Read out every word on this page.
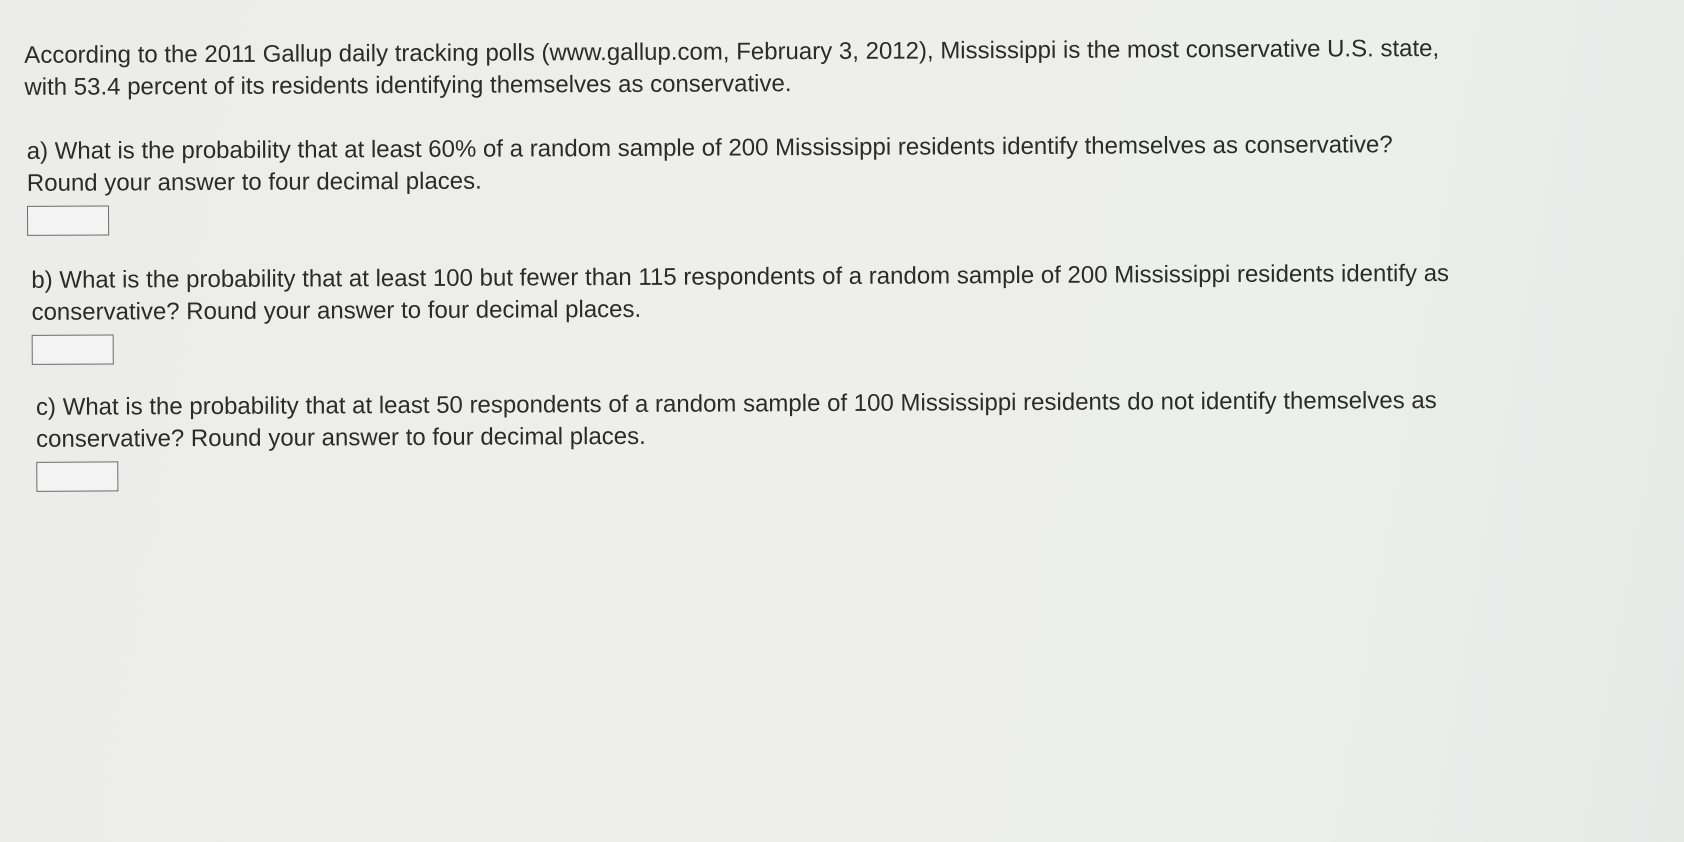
According to the 2011 Gallup daily tracking polls (www.gallup.com, February 3, 2012), Mississippi is the most conservative U.S. state,
with 53.4 percent of its residents identifying themselves as conservative.
a) What is the probability that at least 60% of a random sample of 200 Mississippi residents identify themselves as conservative?
Round your answer to four decimal places.
b) What is the probability that at least 100 but fewer than 115 respondents of a random sample of 200 Mississippi residents identify as
conservative? Round your answer to four decimal places.
c) What is the probability that at least 50 respondents of a random sample of 100 Mississippi residents do not identify themselves as
conservative? Round your answer to four decimal places.
